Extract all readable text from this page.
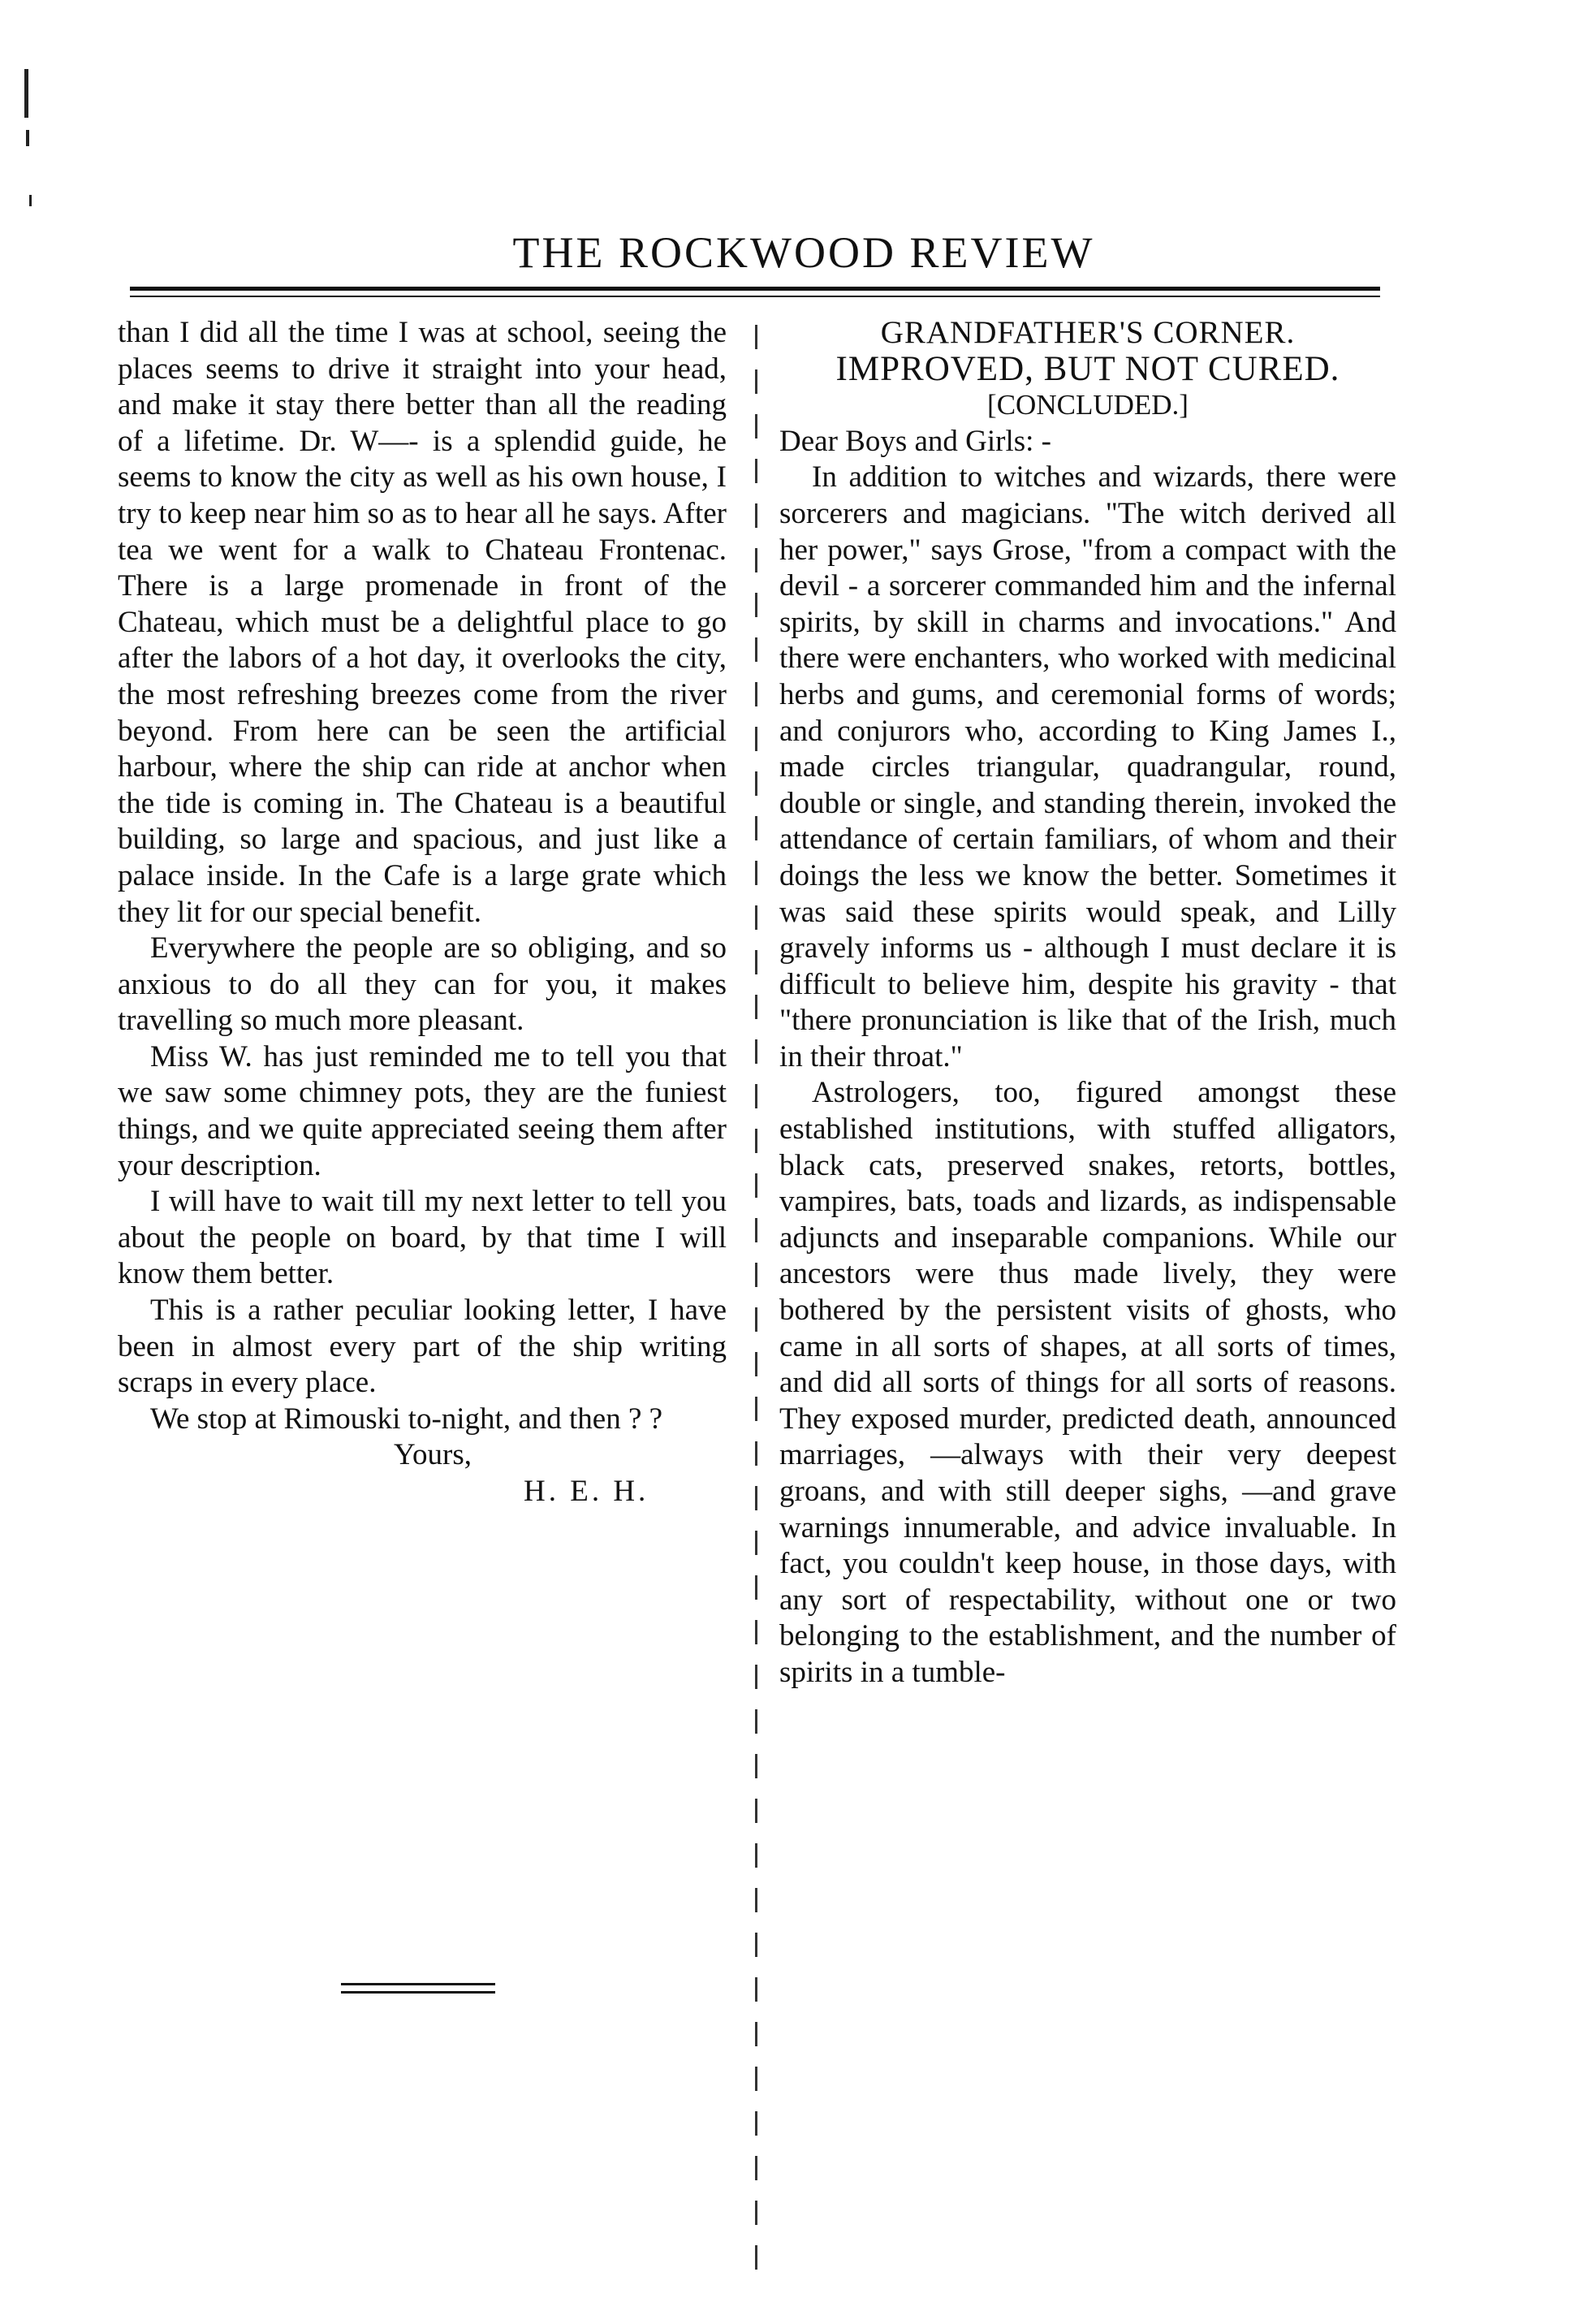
THE ROCKWOOD REVIEW

than I did all the time I was at school, seeing the places seems to drive it straight into your head, and make it stay there better than all the reading of a lifetime. Dr. W—- is a splendid guide, he seems to know the city as well as his own house, I try to keep near him so as to hear all he says. After tea we went for a walk to Chateau Frontenac. There is a large promenade in front of the Chateau, which must be a delightful place to go after the labors of a hot day, it overlooks the city, the most refreshing breezes come from the river beyond. From here can be seen the artificial harbour, where the ship can ride at anchor when the tide is coming in. The Chateau is a beautiful building, so large and spacious, and just like a palace inside. In the Cafe is a large grate which they lit for our special benefit.

Everywhere the people are so obliging, and so anxious to do all they can for you, it makes travelling so much more pleasant.

Miss W. has just reminded me to tell you that we saw some chimney pots, they are the funiest things, and we quite appreciated seeing them after your description.

I will have to wait till my next letter to tell you about the people on board, by that time I will know them better.

This is a rather peculiar looking letter, I have been in almost every part of the ship writing scraps in every place.

We stop at Rimouski to-night, and then ? ?

Yours,

H. E. H.

GRANDFATHER'S CORNER.

IMPROVED, BUT NOT CURED.

[CONCLUDED.]

Dear Boys and Girls: -

In addition to witches and wizards, there were sorcerers and magicians. "The witch derived all her power," says Grose, "from a compact with the devil - a sorcerer commanded him and the infernal spirits, by skill in charms and invocations." And there were enchanters, who worked with medicinal herbs and gums, and ceremonial forms of words; and conjurors who, according to King James I., made circles triangular, quadrangular, round, double or single, and standing therein, invoked the attendance of certain familiars, of whom and their doings the less we know the better. Sometimes it was said these spirits would speak, and Lilly gravely informs us - although I must declare it is difficult to believe him, despite his gravity - that "there pronunciation is like that of the Irish, much in their throat."

Astrologers, too, figured amongst these established institutions, with stuffed alligators, black cats, preserved snakes, retorts, bottles, vampires, bats, toads and lizards, as indispensable adjuncts and inseparable companions. While our ancestors were thus made lively, they were bothered by the persistent visits of ghosts, who came in all sorts of shapes, at all sorts of times, and did all sorts of things for all sorts of reasons. They exposed murder, predicted death, announced marriages, —always with their very deepest groans, and with still deeper sighs, —and grave warnings innumerable, and advice invaluable. In fact, you couldn't keep house, in those days, with any sort of respectability, without one or two belonging to the establishment, and the number of spirits in a tumble-
